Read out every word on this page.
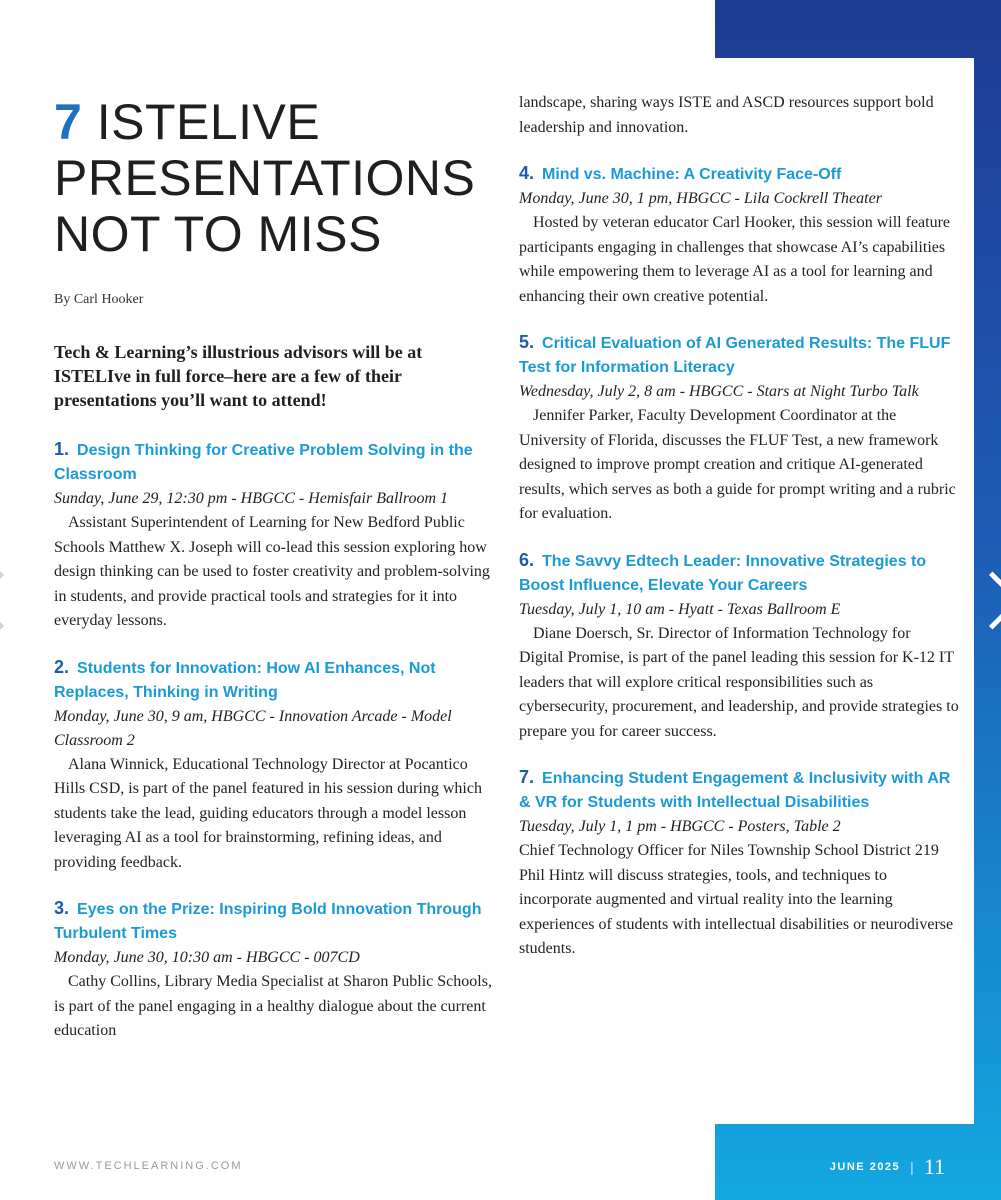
7 ISTELIVE
PRESENTATIONS
NOT TO MISS
By Carl Hooker

Tech & Learning’s illustrious advisors will be at ISTELIve in full force–here are a few of their presentations you’ll want to attend!

1. Design Thinking for Creative Problem Solving in the Classroom

Sunday, June 29, 12:30 pm - HBGCC - Hemisfair Ballroom 1

Assistant Superintendent of Learning for New Bedford Public Schools Matthew X. Joseph will co-lead this session exploring how design thinking can be used to foster creativity and problem-solving in students, and provide practical tools and strategies for it into everyday lessons.

2. Students for Innovation: How AI Enhances, Not Replaces, Thinking in Writing

Monday, June 30, 9 am, HBGCC - Innovation Arcade - Model Classroom 2

Alana Winnick, Educational Technology Director at Pocantico Hills CSD, is part of the panel featured in his session during which students take the lead, guiding educators through a model lesson leveraging AI as a tool for brainstorming, refining ideas, and providing feedback.

3. Eyes on the Prize: Inspiring Bold Innovation Through Turbulent Times

Monday, June 30, 10:30 am - HBGCC - 007CD

Cathy Collins, Library Media Specialist at Sharon Public Schools, is part of the panel engaging in a healthy dialogue about the current education

landscape, sharing ways ISTE and ASCD resources support bold leadership and innovation.

4. Mind vs. Machine: A Creativity Face-Off

Monday, June 30, 1 pm, HBGCC - Lila Cockrell Theater

Hosted by veteran educator Carl Hooker, this session will feature participants engaging in challenges that showcase AI’s capabilities while empowering them to leverage AI as a tool for learning and enhancing their own creative potential.

5. Critical Evaluation of AI Generated Results: The FLUF Test for Information Literacy

Wednesday, July 2, 8 am - HBGCC - Stars at Night Turbo Talk

Jennifer Parker, Faculty Development Coordinator at the University of Florida, discusses the FLUF Test, a new framework designed to improve prompt creation and critique AI-generated results, which serves as both a guide for prompt writing and a rubric for evaluation.

6. The Savvy Edtech Leader: Innovative Strategies to Boost Influence, Elevate Your Careers

Tuesday, July 1, 10 am - Hyatt - Texas Ballroom E

Diane Doersch, Sr. Director of Information Technology for Digital Promise, is part of the panel leading this session for K-12 IT leaders that will explore critical responsibilities such as cybersecurity, procurement, and leadership, and provide strategies to prepare you for career success.

7. Enhancing Student Engagement & Inclusivity with AR & VR for Students with Intellectual Disabilities

Tuesday, July 1, 1 pm - HBGCC - Posters, Table 2

Chief Technology Officer for Niles Township School District 219 Phil Hintz will discuss strategies, tools, and techniques to incorporate augmented and virtual reality into the learning experiences of students with intellectual disabilities or neurodiverse students.

WWW.TECHLEARNING.COM	JUNE 2025 | 11
